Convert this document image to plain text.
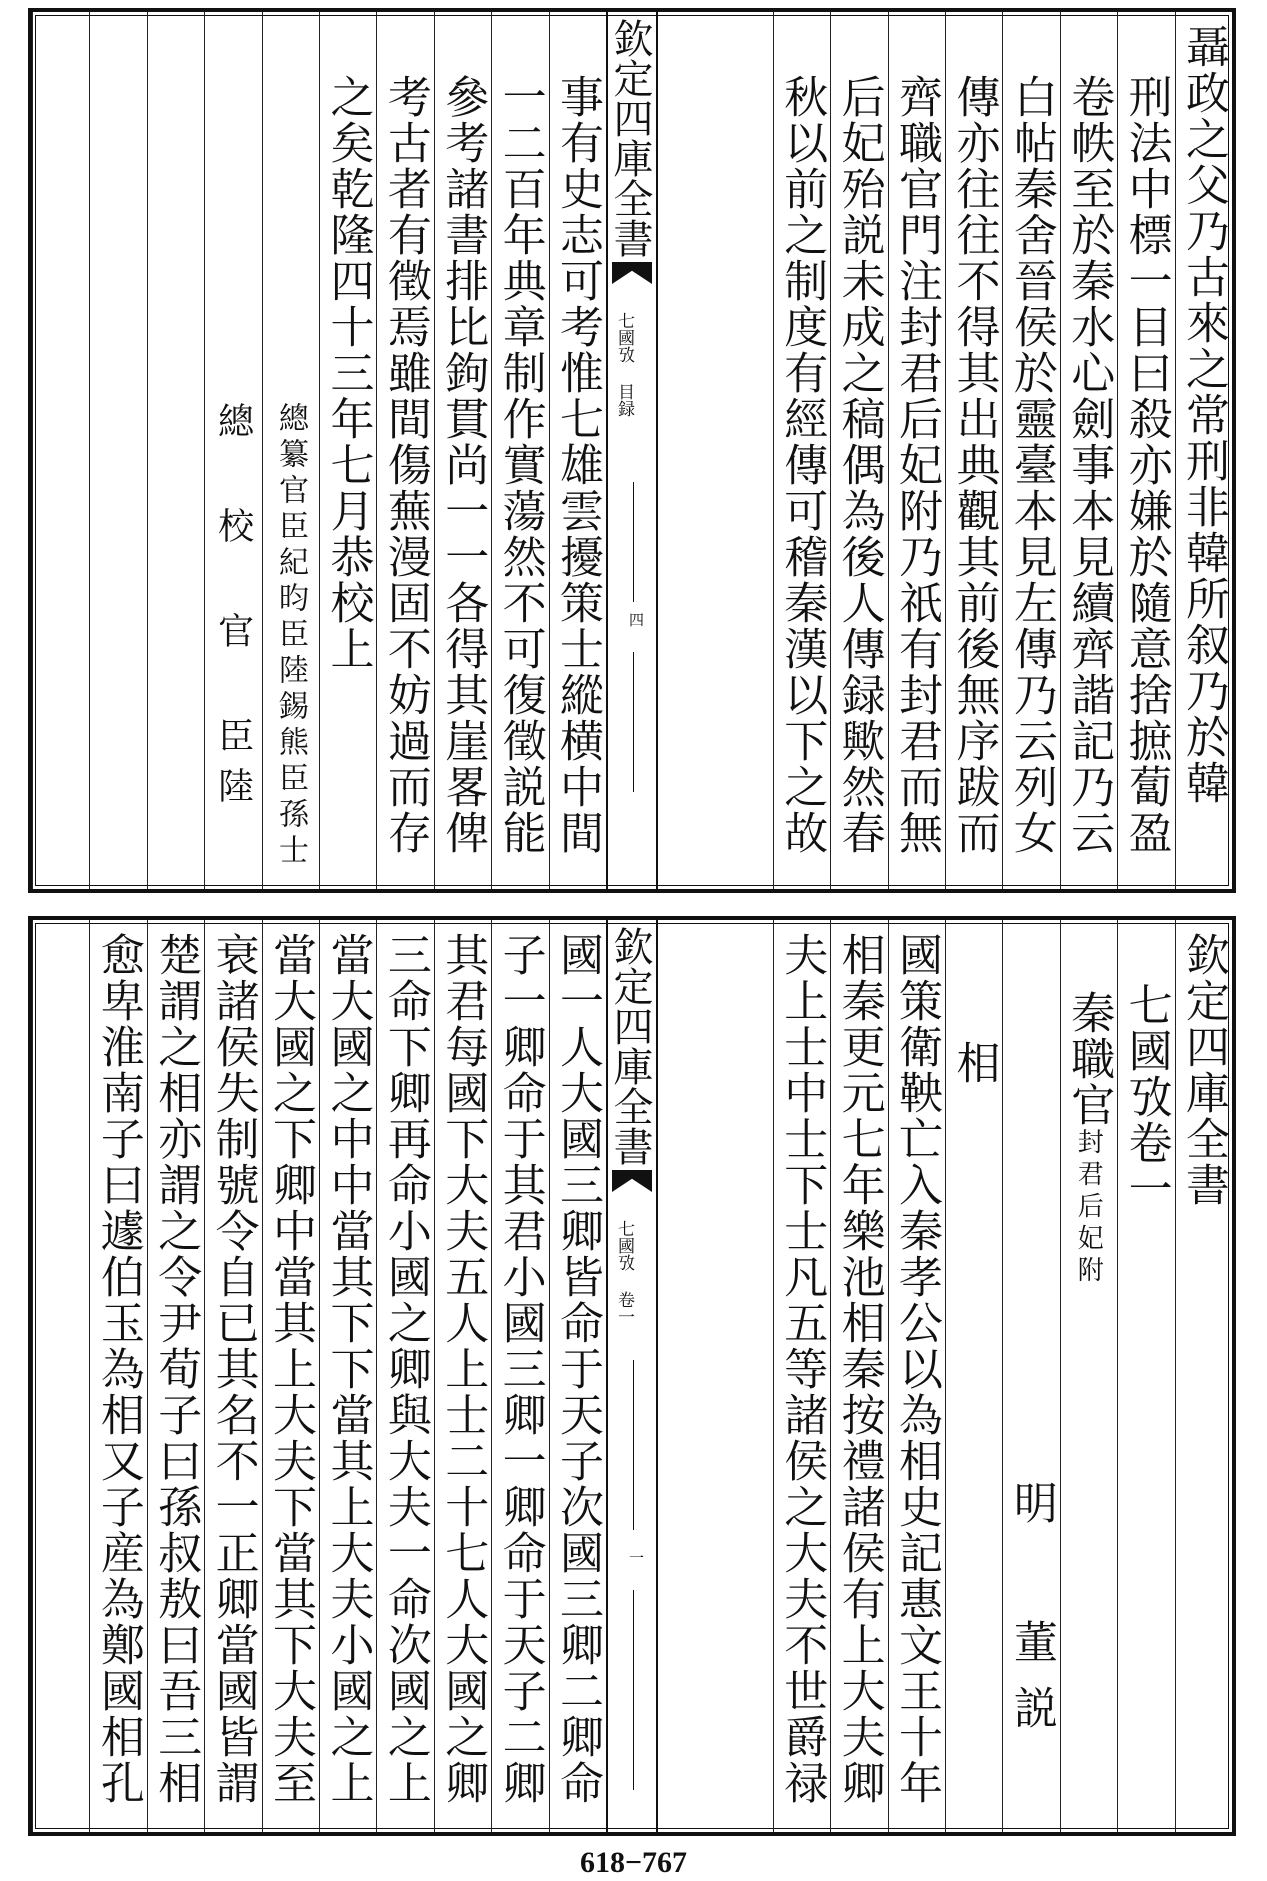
聶政之父乃古來之常刑非韓所叙乃於韓
刑法中標一目曰殺亦嫌於隨意捨摭蔔盈
卷帙至於秦水心劍事本見續齊諧記乃云
白帖秦舍晉侯於靈臺本見左傳乃云列女
傳亦往往不得其出典觀其前後無序跋而
齊職官門注封君后妃附乃祇有封君而無
后妃殆説未成之稿偶為後人傳録歟然春
秋以前之制度有經傳可稽秦漢以下之故
欽定四庫全書
七國攷 目録
四
事有史志可考惟七雄雲擾策士縱横中間
一二百年典章制作實蕩然不可復徵説能
參考諸書排比鉤貫尚一一各得其崖畧俾
考古者有徵焉雖間傷蕪漫固不妨過而存
之矣乾隆四十三年七月恭校上
總纂官臣紀昀臣陸錫熊臣孫士
總 校 官 臣陸
欽定四庫全書
七國攷卷一
秦職官封君后妃附
明 董説
相
國策衛鞅亡入秦孝公以為相史記惠文王十年
相秦更元七年樂池相秦按禮諸侯有上大夫卿
夫上士中士下士凡五等諸侯之大夫不世爵禄
欽定四庫全書
七國攷 卷一
一
國一人大國三卿皆命于天子次國三卿二卿命
子一卿命于其君小國三卿一卿命于天子二卿
其君每國下大夫五人上士二十七人大國之卿
三命下卿再命小國之卿與大夫一命次國之上
當大國之中中當其下下當其上大夫小國之上
當大國之下卿中當其上大夫下當其下大夫至
衰諸侯失制號令自已其名不一正卿當國皆謂
楚謂之相亦謂之令尹荀子曰孫叔敖曰吾三相
愈卑淮南子曰遽伯玉為相又子産為鄭國相孔
618−767
